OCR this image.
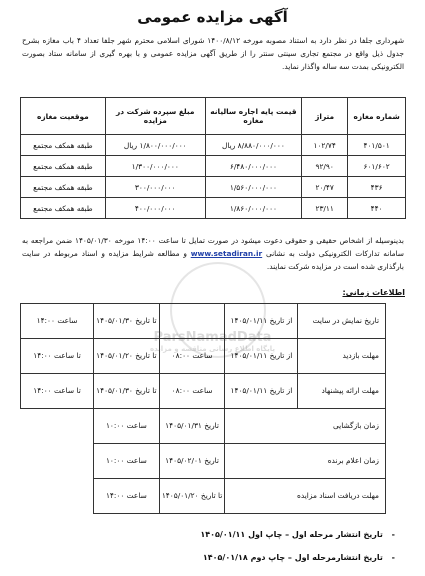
آگهی مزایده عمومی
شهرداری جلفا در نظر دارد به استناد مصوبه مورخه ۱۴۰۰/۸/۱۲ شورای اسلامی محترم شهر جلفا تعداد ۴ باب مغازه بشرح جدول ذیل واقع در مجتمع تجاری سینتی سنتر را از طریق آگهی مزایده عمومی و با بهره گیری از سامانه ستاد بصورت الکترونیکی بمدت سه ساله واگذار نماید.
شماره مغازه	متراژ	قیمت پایه اجاره سالیانه مغازه	مبلغ سپرده شرکت در مزایده	موقعیت مغازه
۴۰۱/۵۰۱	۱۰۲/۷۴	۸/۸۸۰/۰۰۰/۰۰۰ ریال	۱/۸۰۰/۰۰۰/۰۰۰ ریال	طبقه همکف مجتمع
۶۰۱/۶۰۲	۹۲/۹۰	۶/۴۸۰/۰۰۰/۰۰۰	۱/۳۰۰/۰۰۰/۰۰۰	طبقه همکف مجتمع
۴۳۶	۲۰/۴۷	۱/۵۶۰/۰۰۰/۰۰۰	۳۰۰/۰۰۰/۰۰۰	طبقه همکف مجتمع
۴۴۰	۲۳/۱۱	۱/۸۶۰/۰۰۰/۰۰۰	۴۰۰/۰۰۰/۰۰۰	طبقه همکف مجتمع
بدینوسیله از اشخاص حقیقی و حقوقی دعوت میشود در صورت تمایل تا ساعت ۱۴:۰۰ مورخه ۱۴۰۵/۰۱/۳۰ ضمن مراجعه به سامانه تدارکات الکترونیکی دولت به نشانی www.setadiran.ir و مطالعه شرایط مزایده و اسناد مربوطه در سایت بارگذاری شده است در مزایده شرکت نمایند.
ParsNamadData
پایگاه اطلاع رسانی مناقصه و مزایده
اطلاعات زمانی:
تاریخ نمایش در سایت	از تاریخ ۱۴۰۵/۰۱/۱۱		تا تاریخ ۱۴۰۵/۰۱/۳۰	ساعت ۱۴:۰۰
مهلت بازدید	از تاریخ ۱۴۰۵/۰۱/۱۱	ساعت ۰۸:۰۰	تا تاریخ ۱۴۰۵/۰۱/۲۰	تا ساعت ۱۴:۰۰
مهلت ارائه پیشنهاد	از تاریخ ۱۴۰۵/۰۱/۱۱	ساعت ۰۸:۰۰	تا تاریخ ۱۴۰۵/۰۱/۳۰	تا ساعت ۱۴:۰۰
زمان بازگشایی		تاریخ ۱۴۰۵/۰۱/۳۱	ساعت ۱۰:۰۰	
زمان اعلام برنده		تاریخ ۱۴۰۵/۰۲/۰۱	ساعت ۱۰:۰۰	
مهلت دریافت اسناد مزایده		تا تاریخ ۱۴۰۵/۰۱/۲۰	ساعت ۱۴:۰۰	
- تاریخ انتشار مرحله اول – چاپ اول ۱۴۰۵/۰۱/۱۱
- تاریخ انتشارمرحله اول – چاپ دوم ۱۴۰۵/۰۱/۱۸
